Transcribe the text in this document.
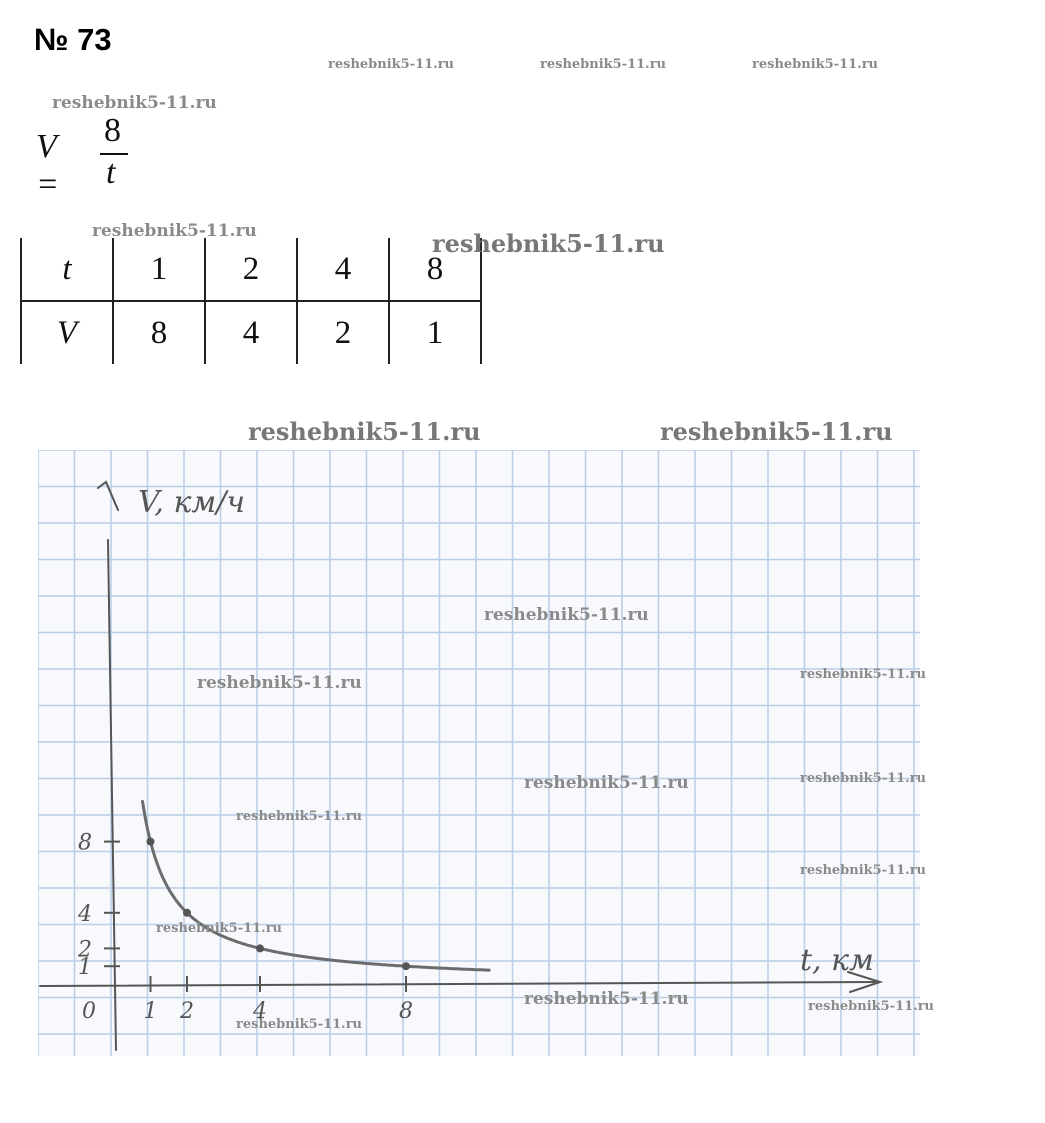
№ 73
reshebnik5-11.ru	reshebnik5-11.ru	reshebnik5-11.ru
reshebnik5-11.ru
V =
8
t
t	1	2	4	8
V	8	4	2	1
reshebnik5-11.ru	reshebnik5-11.ru
reshebnik5-11.ru	reshebnik5-11.ru
0 1 2	4	8
1
2
4
8
V, км/ч
t, км
reshebnik5-11.ru
reshebnik5-11.ru	reshebnik5-11.ru
reshebnik5-11.ru	reshebnik5-11.ru
reshebnik5-11.ru
reshebnik5-11.ru
reshebnik5-11.ru
reshebnik5-11.ru	reshebnik5-11.ru
reshebnik5-11.ru
